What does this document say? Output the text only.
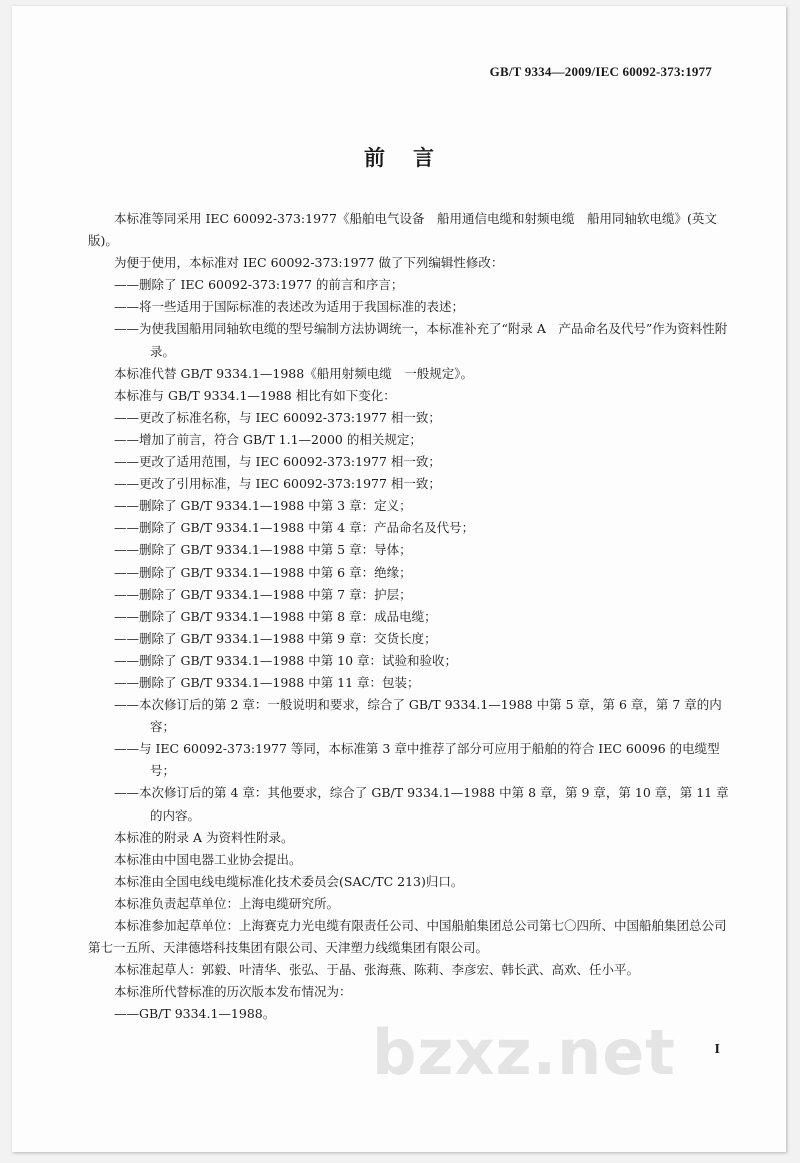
GB/T 9334—2009/IEC 60092-373:1977
前言

本标准等同采用 IEC 60092-373:1977《船舶电气设备　船用通信电缆和射频电缆　船用同轴软电缆》(英文版)。

为便于使用，本标准对 IEC 60092-373:1977 做了下列编辑性修改：

——删除了 IEC 60092-373:1977 的前言和序言；

——将一些适用于国际标准的表述改为适用于我国标准的表述；

——为使我国船用同轴软电缆的型号编制方法协调统一，本标准补充了“附录 A　产品命名及代号”作为资料性附录。

本标准代替 GB/T 9334.1—1988《船用射频电缆　一般规定》。

本标准与 GB/T 9334.1—1988 相比有如下变化：

——更改了标准名称，与 IEC 60092-373:1977 相一致；

——增加了前言，符合 GB/T 1.1—2000 的相关规定；

——更改了适用范围，与 IEC 60092-373:1977 相一致；

——更改了引用标准，与 IEC 60092-373:1977 相一致；

——删除了 GB/T 9334.1—1988 中第 3 章：定义；

——删除了 GB/T 9334.1—1988 中第 4 章：产品命名及代号；

——删除了 GB/T 9334.1—1988 中第 5 章：导体；

——删除了 GB/T 9334.1—1988 中第 6 章：绝缘；

——删除了 GB/T 9334.1—1988 中第 7 章：护层；

——删除了 GB/T 9334.1—1988 中第 8 章：成品电缆；

——删除了 GB/T 9334.1—1988 中第 9 章：交货长度；

——删除了 GB/T 9334.1—1988 中第 10 章：试验和验收；

——删除了 GB/T 9334.1—1988 中第 11 章：包装；

——本次修订后的第 2 章：一般说明和要求，综合了 GB/T 9334.1—1988 中第 5 章，第 6 章，第 7 章的内容；

——与 IEC 60092-373:1977 等同，本标准第 3 章中推荐了部分可应用于船舶的符合 IEC 60096 的电缆型号；

——本次修订后的第 4 章：其他要求，综合了 GB/T 9334.1—1988 中第 8 章，第 9 章，第 10 章，第 11 章的内容。

本标准的附录 A 为资料性附录。

本标准由中国电器工业协会提出。

本标准由全国电线电缆标准化技术委员会(SAC/TC 213)归口。

本标准负责起草单位：上海电缆研究所。

本标准参加起草单位：上海赛克力光电缆有限责任公司、中国船舶集团总公司第七〇四所、中国船舶集团总公司第七一五所、天津德塔科技集团有限公司、天津塑力线缆集团有限公司。

本标准起草人：郭毅、叶清华、张弘、于晶、张海燕、陈莉、李彦宏、韩长武、高欢、任小平。

本标准所代替标准的历次版本发布情况为：

——GB/T 9334.1—1988。

bzxz.net	I
